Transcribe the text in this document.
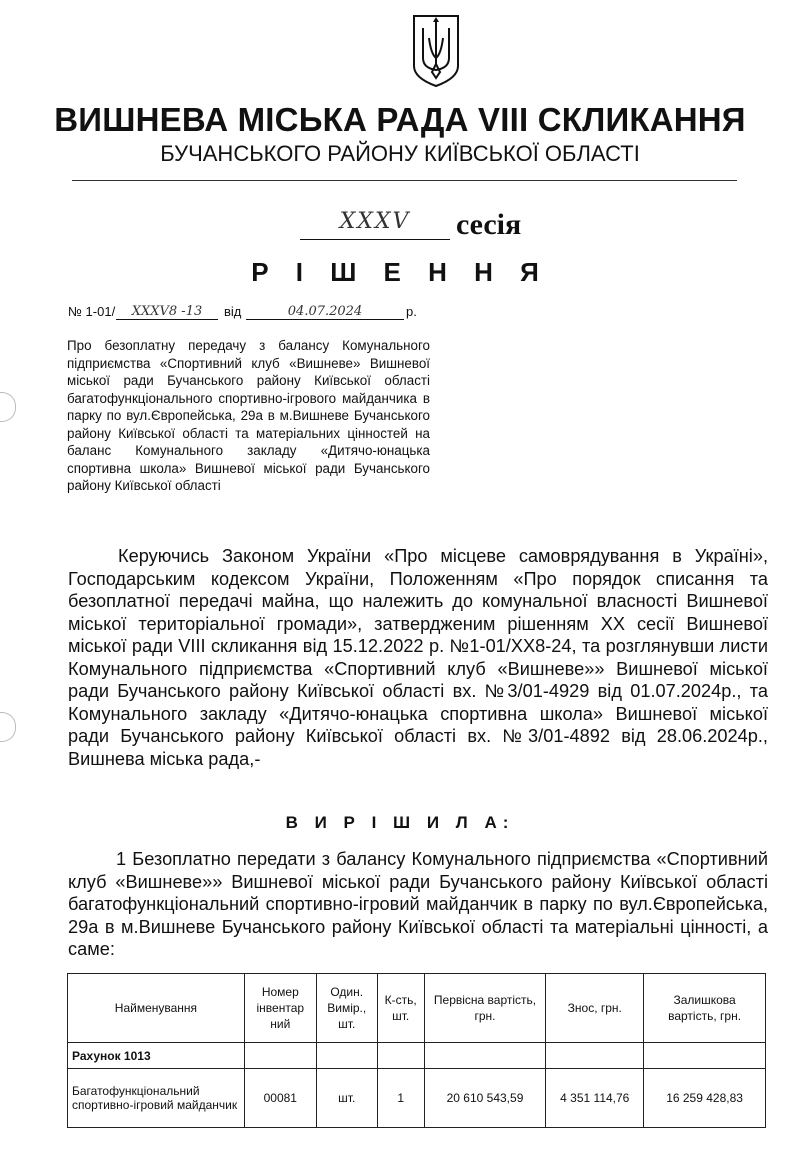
ВИШНЕВА МІСЬКА РАДА VIII СКЛИКАННЯ
БУЧАНСЬКОГО РАЙОНУ КИЇВСЬКОЇ ОБЛАСТІ
XXXV	сесія
Р І Ш Е Н Н Я
№ 1-01/	XXXV8 -13	від	04.07.2024	р.
Про безоплатну передачу з балансу Комунального підприємства «Спортивний клуб «Вишневе» Вишневої міської ради Бучанського району Київської області багатофункціонального спортивно-ігрового майданчика в парку по вул.Європейська, 29а в м.Вишневе Бучанського району Київської області та матеріальних цінностей на баланс Комунального закладу «Дитячо-юнацька спортивна школа» Вишневої міської ради Бучанського району Київської області
Керуючись Законом України «Про місцеве самоврядування в Україні», Господарським кодексом України, Положенням «Про порядок списання та безоплатної передачі майна, що належить до комунальної власності Вишневої міської територіальної громади», затвердженим рішенням XX сесії Вишневої міської ради VIII скликання від 15.12.2022 р. №1-01/XX8-24, та розглянувши листи Комунального підприємства «Спортивний клуб «Вишневе»» Вишневої міської ради Бучанського району Київської області вх. №3/01-4929 від 01.07.2024р., та Комунального закладу «Дитячо-юнацька спортивна школа» Вишневої міської ради Бучанського району Київської області вх. №3/01-4892 від 28.06.2024р., Вишнева міська рада,-
В И Р І Ш И Л А:
1 Безоплатно передати з балансу Комунального підприємства «Спортивний клуб «Вишневе»» Вишневої міської ради Бучанського району Київської області багатофункціональний спортивно-ігровий майданчик в парку по вул.Європейська, 29а в м.Вишневе Бучанського району Київської області та матеріальні цінності, а саме:
Найменування	Номер інвентар ний	Один. Вимір., шт.	К-сть, шт.	Первісна вартість, грн.	Знос, грн.	Залишкова вартість, грн.
Рахунок 1013						
Багатофункціональний спортивно-ігровий майданчик	00081	шт.	1	20 610 543,59	4 351 114,76	16 259 428,83
